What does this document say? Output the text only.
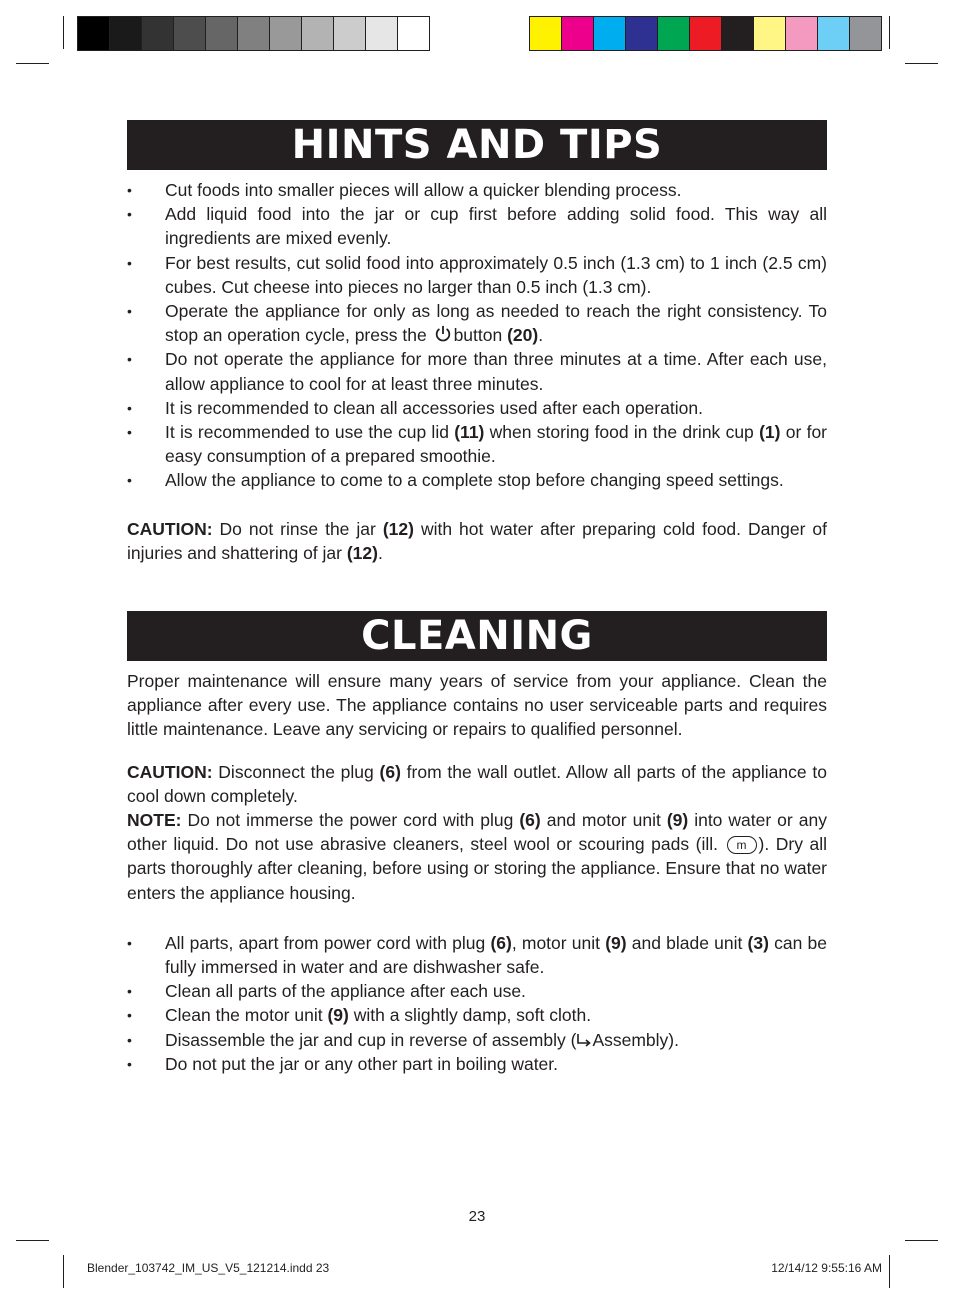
HINTS AND TIPS
• Cut foods into smaller pieces will allow a quicker blending process.
• Add liquid food into the jar or cup first before adding solid food. This way all ingredients are mixed evenly.
• For best results, cut solid food into approximately 0.5 inch (1.3 cm) to 1 inch (2.5 cm) cubes. Cut cheese into pieces no larger than 0.5 inch (1.3 cm).
• Operate the appliance for only as long as needed to reach the right consistency. To stop an operation cycle, press the button (20).
• Do not operate the appliance for more than three minutes at a time. After each use, allow appliance to cool for at least three minutes.
• It is recommended to clean all accessories used after each operation.
• It is recommended to use the cup lid (11) when storing food in the drink cup (1) or for easy consumption of a prepared smoothie.
• Allow the appliance to come to a complete stop before changing speed settings.

CAUTION: Do not rinse the jar (12) with hot water after preparing cold food. Danger of injuries and shattering of jar (12).

CLEANING

Proper maintenance will ensure many years of service from your appliance. Clean the appliance after every use. The appliance contains no user serviceable parts and requires little maintenance. Leave any servicing or repairs to qualified personnel.

CAUTION: Disconnect the plug (6) from the wall outlet. Allow all parts of the appliance to cool down completely.

NOTE: Do not immerse the power cord with plug (6) and motor unit (9) into water or any other liquid. Do not use abrasive cleaners, steel wool or scouring pads (ill. m ). Dry all parts thoroughly after cleaning, before using or storing the appliance. Ensure that no water enters the appliance housing.

• All parts, apart from power cord with plug (6), motor unit (9) and blade unit (3) can be fully immersed in water and are dishwasher safe.
• Clean all parts of the appliance after each use.
• Clean the motor unit (9) with a slightly damp, soft cloth.
• Disassemble the jar and cup in reverse of assembly ( Assembly).
• Do not put the jar or any other part in boiling water.
23
Blender_103742_IM_US_V5_121214.indd 23	12/14/12 9:55:16 AM
